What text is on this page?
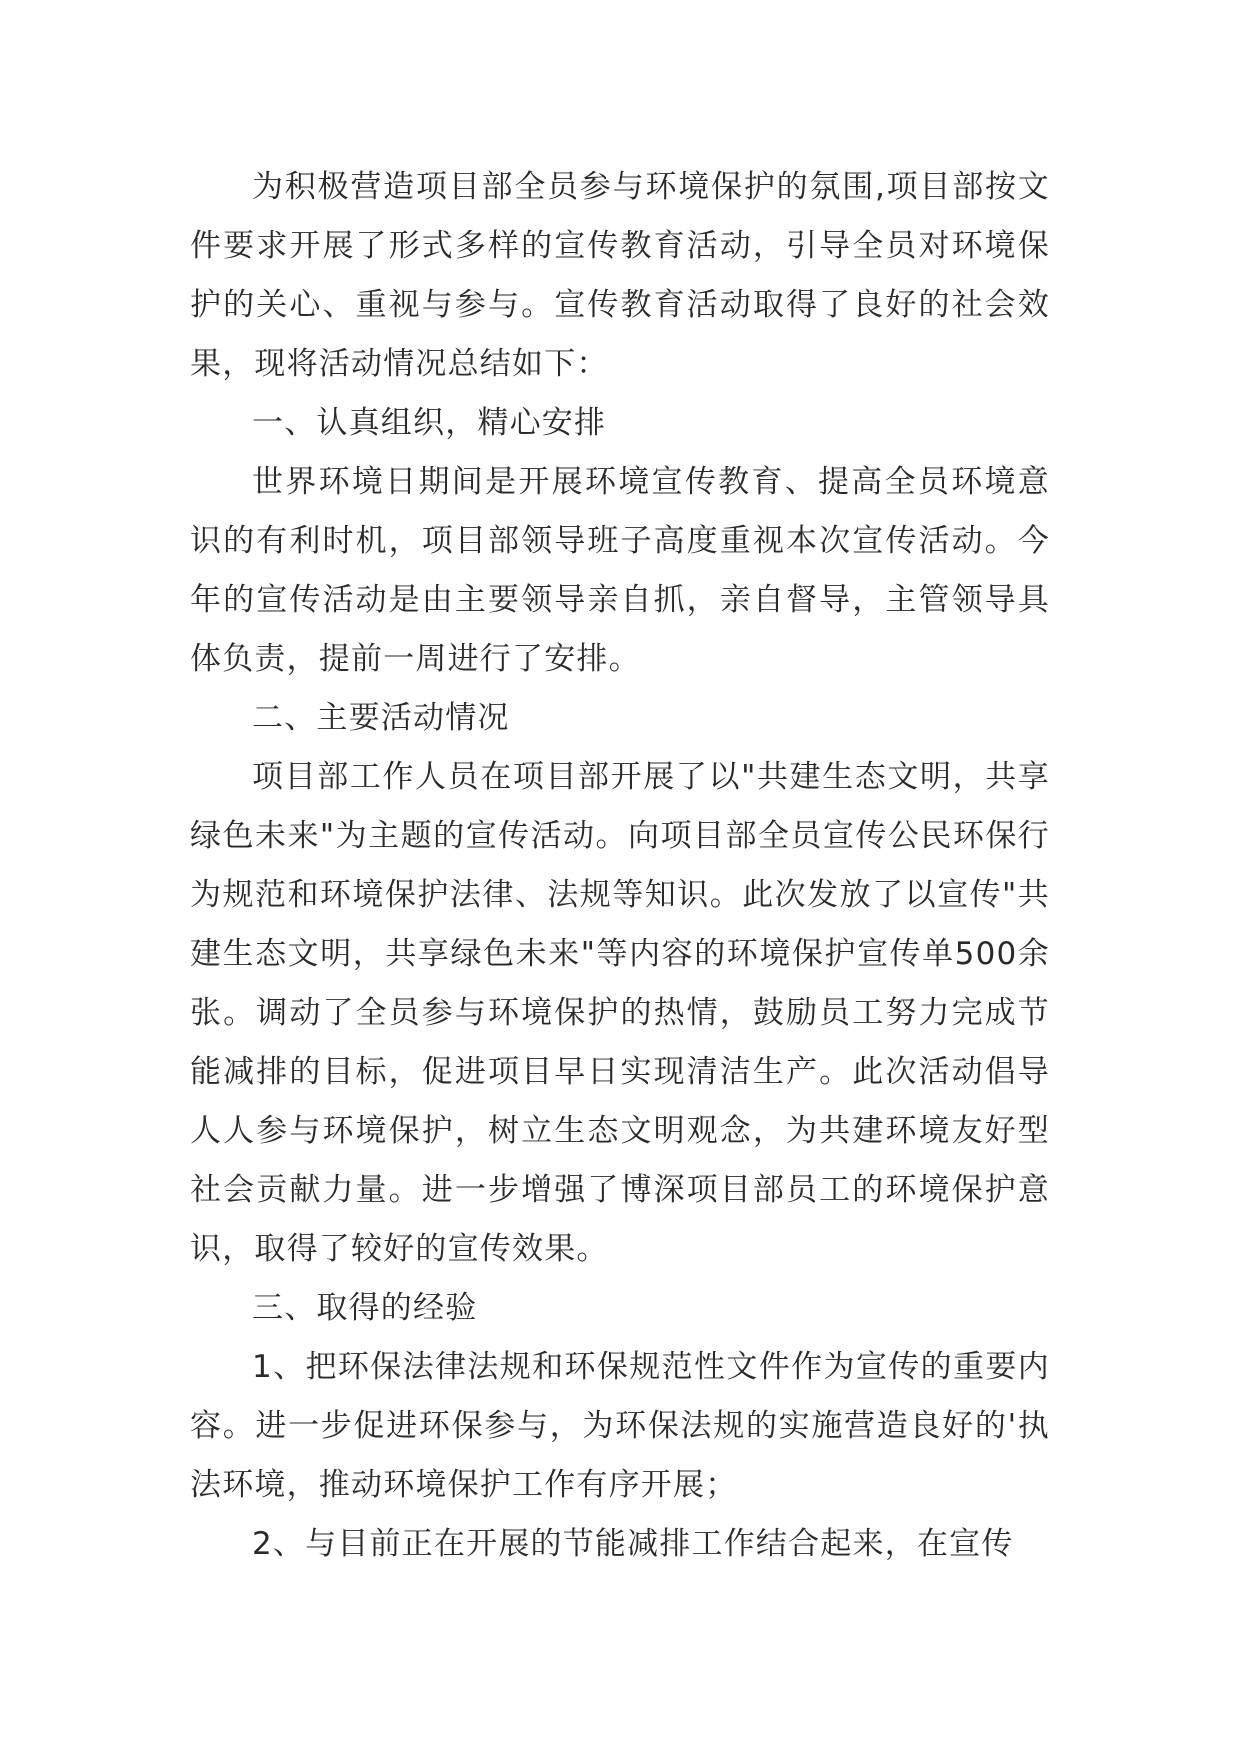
为积极营造项目部全员参与环境保护的氛围,项目部按文件要求开展了形式多样的宣传教育活动，引导全员对环境保护的关心、重视与参与。宣传教育活动取得了良好的社会效果，现将活动情况总结如下：

一、认真组织，精心安排

世界环境日期间是开展环境宣传教育、提高全员环境意识的有利时机，项目部领导班子高度重视本次宣传活动。今年的宣传活动是由主要领导亲自抓，亲自督导，主管领导具体负责，提前一周进行了安排。

二、主要活动情况

项目部工作人员在项目部开展了以"共建生态文明，共享绿色未来"为主题的宣传活动。向项目部全员宣传公民环保行为规范和环境保护法律、法规等知识。此次发放了以宣传"共建生态文明，共享绿色未来"等内容的环境保护宣传单500余张。调动了全员参与环境保护的热情，鼓励员工努力完成节能减排的目标，促进项目早日实现清洁生产。此次活动倡导人人参与环境保护，树立生态文明观念，为共建环境友好型社会贡献力量。进一步增强了博深项目部员工的环境保护意识，取得了较好的宣传效果。

三、取得的经验

1、把环保法律法规和环保规范性文件作为宣传的重要内容。进一步促进环保参与，为环保法规的实施营造良好的'执法环境，推动环境保护工作有序开展；

2、与目前正在开展的节能减排工作结合起来，在宣传
